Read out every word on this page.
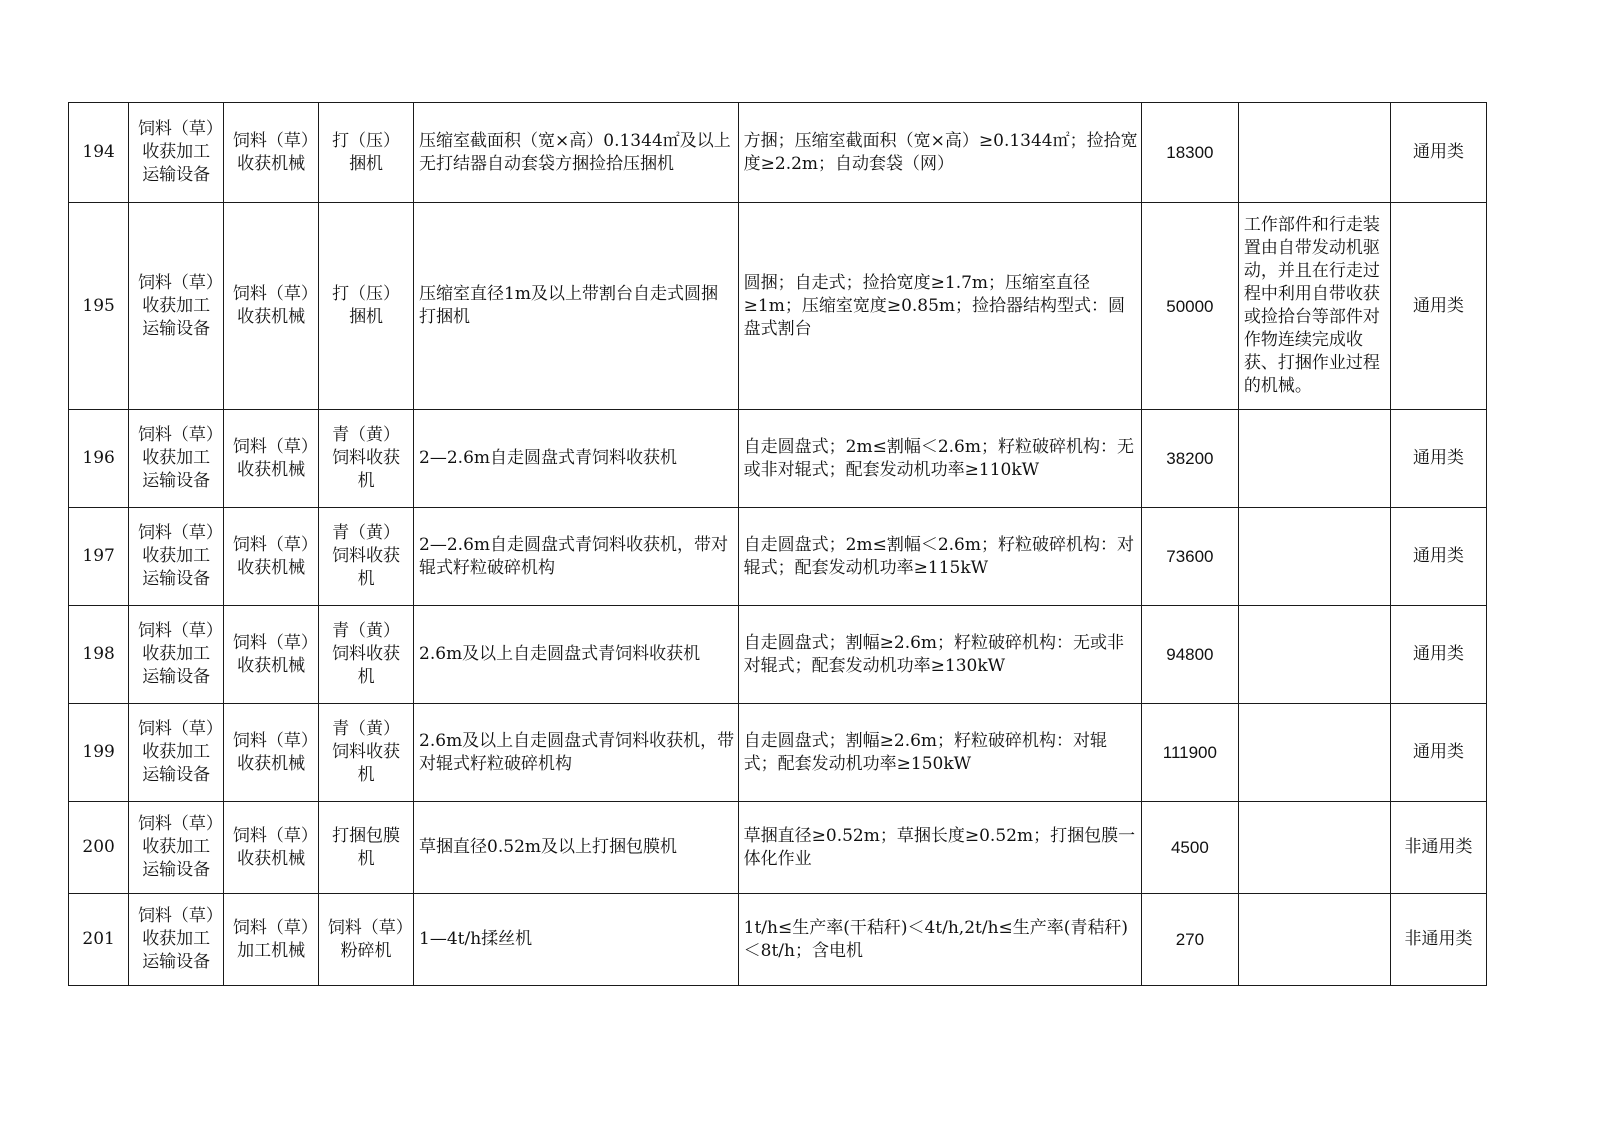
194	饲料（草）收获加工运输设备	饲料（草）收获机械	打（压）捆机	压缩室截面积（宽×高）0.1344㎡及以上无打结器自动套袋方捆捡拾压捆机	方捆；压缩室截面积（宽×高）≥0.1344㎡；捡拾宽度≥2.2m；自动套袋（网）	18300		通用类
195	饲料（草）收获加工运输设备	饲料（草）收获机械	打（压）捆机	压缩室直径1m及以上带割台自走式圆捆打捆机	圆捆；自走式；捡拾宽度≥1.7m；压缩室直径≥1m；压缩室宽度≥0.85m；捡拾器结构型式：圆盘式割台	50000	工作部件和行走装置由自带发动机驱动，并且在行走过程中利用自带收获或捡拾台等部件对作物连续完成收获、打捆作业过程的机械。	通用类
196	饲料（草）收获加工运输设备	饲料（草）收获机械	青（黄）饲料收获机	2—2.6m自走圆盘式青饲料收获机	自走圆盘式；2m≤割幅＜2.6m；籽粒破碎机构：无或非对辊式；配套发动机功率≥110kW	38200		通用类
197	饲料（草）收获加工运输设备	饲料（草）收获机械	青（黄）饲料收获机	2—2.6m自走圆盘式青饲料收获机，带对辊式籽粒破碎机构	自走圆盘式；2m≤割幅＜2.6m；籽粒破碎机构：对辊式；配套发动机功率≥115kW	73600		通用类
198	饲料（草）收获加工运输设备	饲料（草）收获机械	青（黄）饲料收获机	2.6m及以上自走圆盘式青饲料收获机	自走圆盘式；割幅≥2.6m；籽粒破碎机构：无或非对辊式；配套发动机功率≥130kW	94800		通用类
199	饲料（草）收获加工运输设备	饲料（草）收获机械	青（黄）饲料收获机	2.6m及以上自走圆盘式青饲料收获机，带对辊式籽粒破碎机构	自走圆盘式；割幅≥2.6m；籽粒破碎机构：对辊式；配套发动机功率≥150kW	111900		通用类
200	饲料（草）收获加工运输设备	饲料（草）收获机械	打捆包膜机	草捆直径0.52m及以上打捆包膜机	草捆直径≥0.52m；草捆长度≥0.52m；打捆包膜一体化作业	4500		非通用类
201	饲料（草）收获加工运输设备	饲料（草）加工机械	饲料（草）粉碎机	1—4t/h揉丝机	1t/h≤生产率(干秸秆)＜4t/h,2t/h≤生产率(青秸秆)＜8t/h；含电机	270		非通用类
